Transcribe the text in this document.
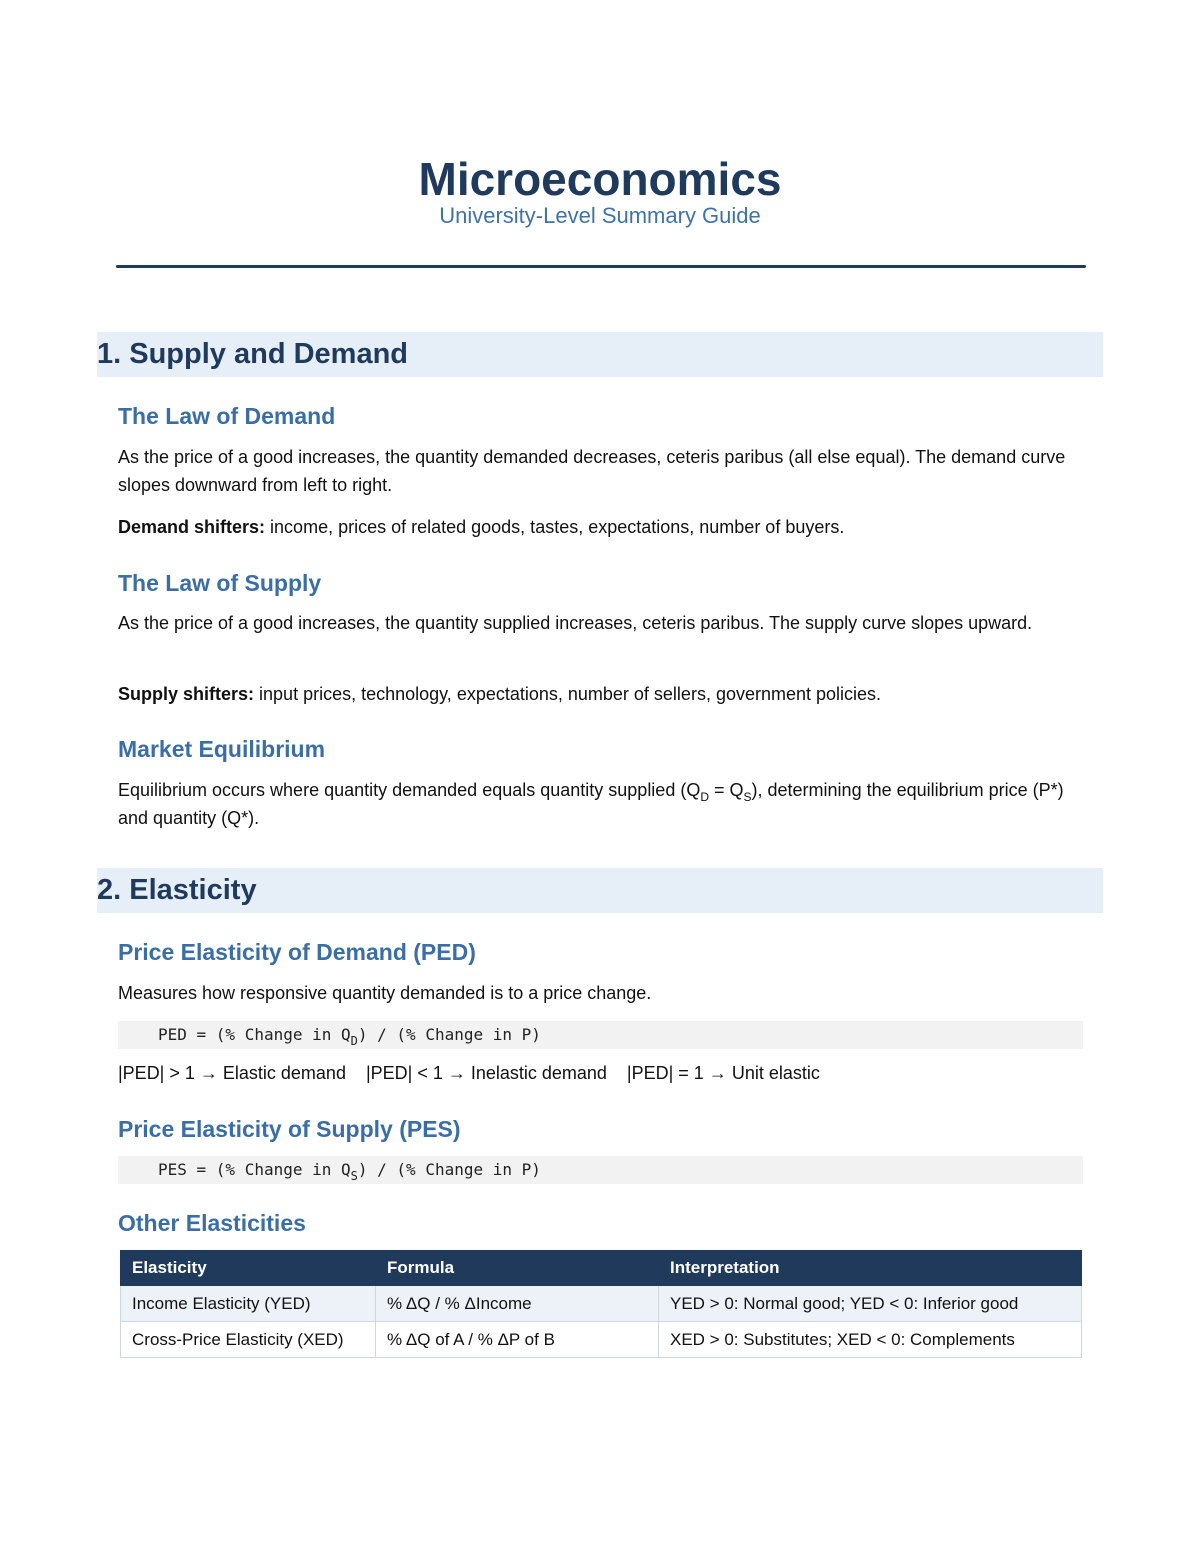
Microeconomics
University-Level Summary Guide
1. Supply and Demand
The Law of Demand

As the price of a good increases, the quantity demanded decreases, ceteris paribus (all else equal). The demand curve slopes downward from left to right.

Demand shifters: income, prices of related goods, tastes, expectations, number of buyers.

The Law of Supply

As the price of a good increases, the quantity supplied increases, ceteris paribus. The supply curve slopes upward.

Supply shifters: input prices, technology, expectations, number of sellers, government policies.

Market Equilibrium

Equilibrium occurs where quantity demanded equals quantity supplied $(Q_D = Q_S)$, determining the equilibrium price (P*) and quantity (Q*).

2. Elasticity
Price Elasticity of Demand (PED)

Measures how responsive quantity demanded is to a price change.

PED = (% Change in $Q_D$) / (% Change in P)

|PED| > 1 → Elastic demand    |PED| < 1 → Inelastic demand    |PED| = 1 → Unit elastic

Price Elasticity of Supply (PES)
PES = (% Change in $Q_S$) / (% Change in P)
Other Elasticities
Elasticity	Formula	Interpretation
Income Elasticity (YED)	% ΔQ / % ΔIncome	YED > 0: Normal good; YED < 0: Inferior good
Cross-Price Elasticity (XED)	% ΔQ of A / % ΔP of B	XED > 0: Substitutes; XED < 0: Complements
